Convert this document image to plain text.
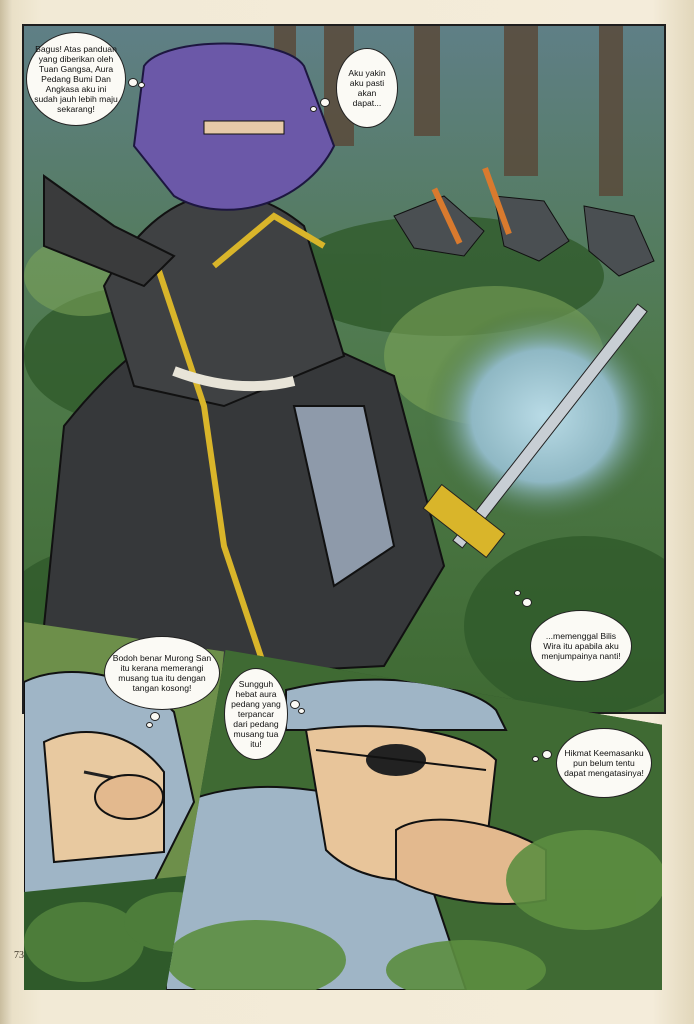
Bagus! Atas panduan yang diberikan oleh Tuan Gangsa, Aura Pedang Bumi Dan Angkasa aku ini sudah jauh lebih maju sekarang!
Aku yakin aku pasti akan dapat...
...memenggal Bilis Wira itu apabila aku menjumpainya nanti!
Bodoh benar Murong San itu kerana memerangi musang tua itu dengan tangan kosong!	Sungguh hebat aura pedang yang terpancar dari pedang musang tua itu!
Hikmat Keemasanku pun belum tentu dapat mengatasinya!
73
